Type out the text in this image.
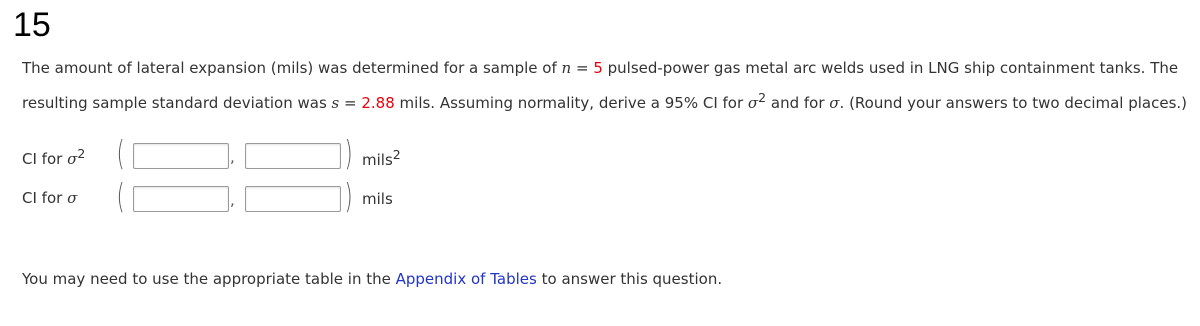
15
The amount of lateral expansion (mils) was determined for a sample of n = 5 pulsed-power gas metal arc welds used in LNG ship containment tanks. The resulting sample standard deviation was s = 2.88 mils. Assuming normality, derive a 95% CI for $\sigma^2$ and for σ. (Round your answers to two decimal places.)
CI for $\sigma^2$ (	,	) mils$^2$
CI for σ (	,	) mils
You may need to use the appropriate table in the Appendix of Tables to answer this question.
